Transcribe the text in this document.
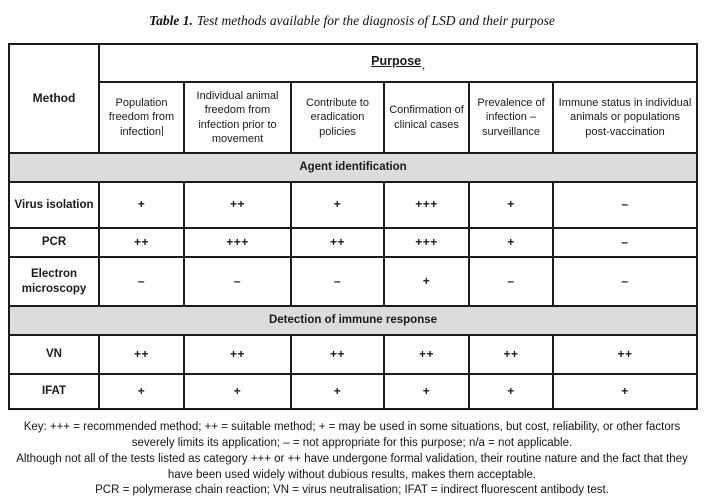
Table 1. Test methods available for the diagnosis of LSD and their purpose
Method	Purpose$_,$
	Population freedom from infection	Individual animal freedom from infection prior to movement	Contribute to eradication policies	Confirmation of clinical cases	Prevalence of infection – surveillance	Immune status in individual animals or populations post-vaccination
Agent identification						
Virus isolation	+	++	+	+++	+	–
PCR	++	+++	++	+++	+	–
Electron microscopy	–	–	–	+	–	–
Detection of immune response						
VN	++	++	++	++	++	++
IFAT	+	+	+	+	+	+
Key: +++ = recommended method; ++ = suitable method; + = may be used in some situations, but cost, reliability, or other factors severely limits its application; – = not appropriate for this purpose; n/a = not applicable.
Although not all of the tests listed as category +++ or ++ have undergone formal validation, their routine nature and the fact that they have been used widely without dubious results, makes them acceptable.
PCR = polymerase chain reaction; VN = virus neutralisation; IFAT = indirect fluorescent antibody test.
